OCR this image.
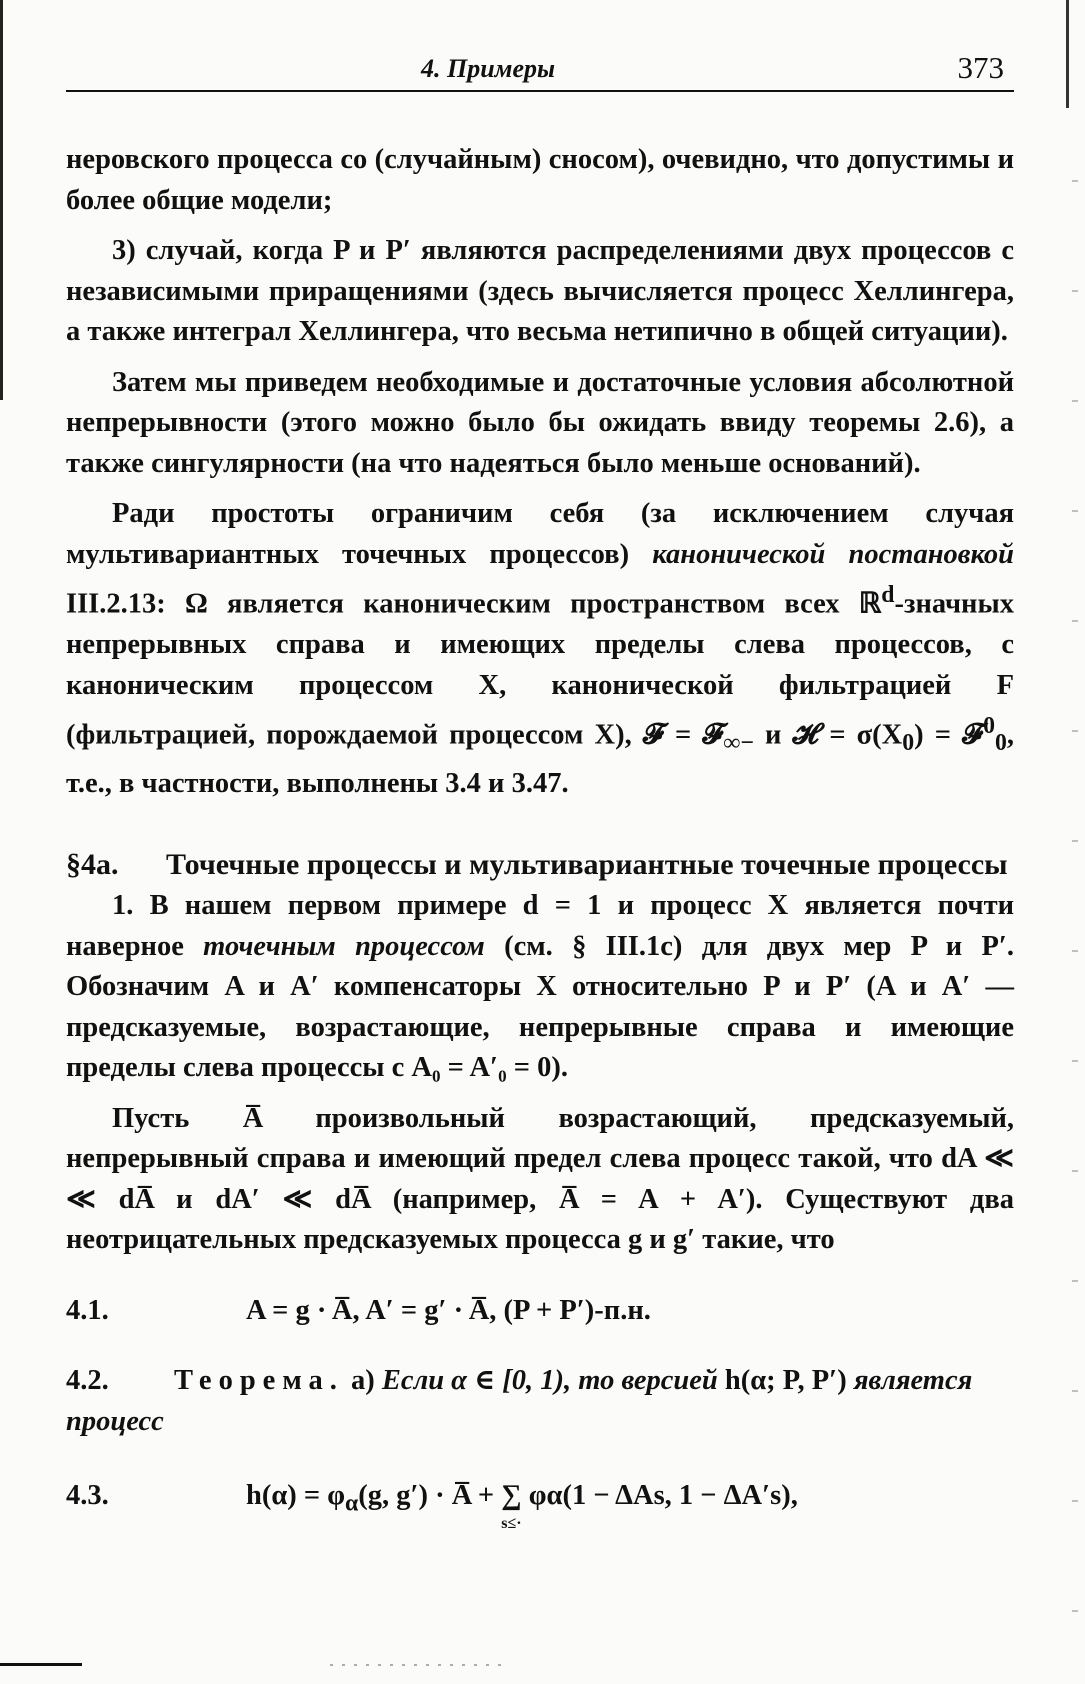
4. Примеры	373

неровского процесса со (случайным) сносом), очевидно, что допустимы и более общие модели;

3) случай, когда P и P′ являются распределениями двух процессов с независимыми приращениями (здесь вычисляется процесс Хеллингера, а также интеграл Хеллингера, что весьма нетипично в общей ситуации).

Затем мы приведем необходимые и достаточные условия абсолютной непрерывности (этого можно было бы ожидать ввиду теоремы 2.6), а также сингулярности (на что надеяться было меньше оснований).

Ради простоты ограничим себя (за исключением случая мультивариантных точечных процессов) канонической постановкой III.2.13: Ω является каноническим пространством всех ℝ$^d$-значных непрерывных справа и имеющих пределы слева процессов, с каноническим процессом X, канонической фильтрацией F (фильтрацией, порождаемой процессом X), 𝓕 = 𝓕$_{\infty-}$ и 𝓗 = $\sigma(X_0)$ = 𝓕$^0_0$, т.е., в частности, выполнены 3.4 и 3.47.

§4a.	Точечные процессы и мультивариантные точечные процессы

1. В нашем первом примере d = 1 и процесс X является почти наверное точечным процессом (см. § III.1c) для двух мер P и P′. Обозначим A и A′ компенсаторы X относительно P и P′ (A и A′ — предсказуемые, возрастающие, непрерывные справа и имеющие пределы слева процессы с A₀ = A′₀ = 0).

Пусть A̅ произвольный возрастающий, предсказуемый, непрерывный справа и имеющий предел слева процесс такой, что dA ≪ ≪ dA̅ и dA′ ≪ dA̅ (например, A̅ = A + A′). Существуют два неотрицательных предсказуемых процесса g и g′ такие, что

4.1.	A = g · A̅, A′ = g′ · A̅, (P + P′)-п.н.
4.2. Теорема. a) Если α ∈ [0, 1), то версией h(α; P, P′) является процесс
4.3.	$h(\alpha) = \varphi_\alpha(g$, g′) · A̅ + ∑
s≤·
φα(1 − ΔAs, 1 − ΔA′s),
